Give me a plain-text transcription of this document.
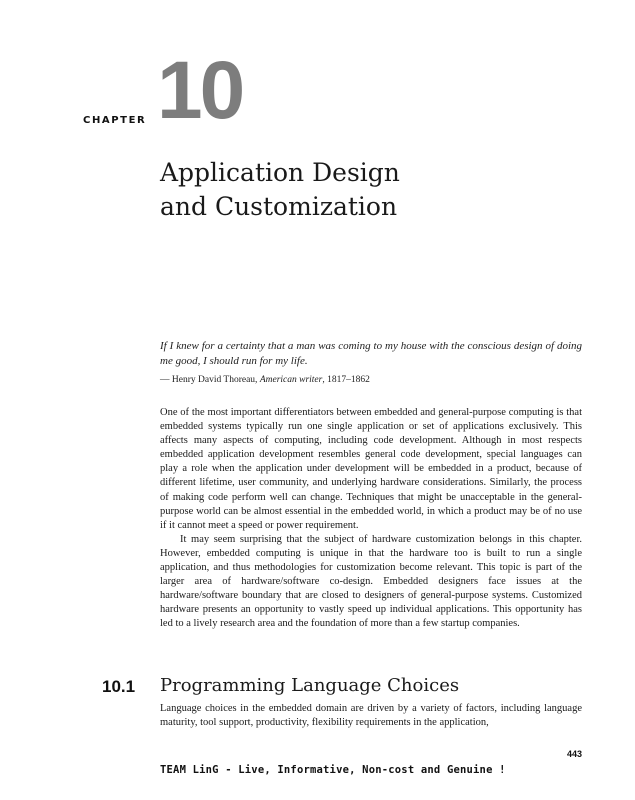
CHAPTER 10
Application Design
and Customization
If I knew for a certainty that a man was coming to my house with the conscious design of doing me good, I should run for my life.
— Henry David Thoreau, American writer, 1817–1862

One of the most important differentiators between embedded and general-purpose computing is that embedded systems typically run one single application or set of applications exclusively. This affects many aspects of computing, including code development. Although in most respects embedded application development resembles general code development, special languages can play a role when the application under development will be embedded in a product, because of different lifetime, user community, and underlying hardware considerations. Similarly, the process of making code perform well can change. Techniques that might be unacceptable in the general-purpose world can be almost essential in the embedded world, in which a product may be of no use if it cannot meet a speed or power requirement.

It may seem surprising that the subject of hardware customization belongs in this chapter. However, embedded computing is unique in that the hardware too is built to run a single application, and thus methodologies for customization become relevant. This topic is part of the larger area of hardware/software co-design. Embedded designers face issues at the hardware/software boundary that are closed to designers of general-purpose systems. Customized hardware presents an opportunity to vastly speed up individual applications. This opportunity has led to a lively research area and the foundation of more than a few startup companies.

10.1 Programming Language Choices

Language choices in the embedded domain are driven by a variety of factors, including language maturity, tool support, productivity, flexibility requirements in the application,

443
TEAM LinG - Live, Informative, Non-cost and Genuine !
